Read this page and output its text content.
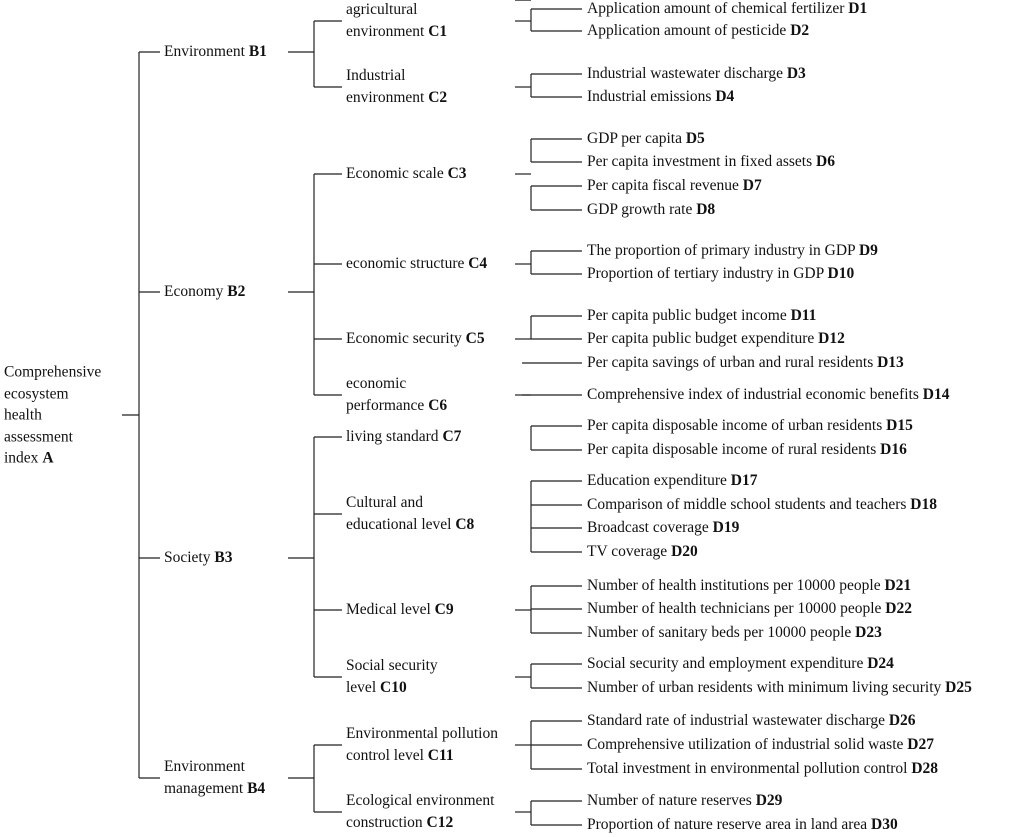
Comprehensive
ecosystem
health
assessment
index A

Environment B1

Economy B2

Society B3

Environment
management B4

agricultural
environment C1

Industrial
environment C2

Economic scale C3

economic structure C4

Economic security C5

economic
performance C6

living standard C7

Cultural and
educational level C8

Medical level C9

Social security
level C10

Environmental pollution
control level C11

Ecological environment
construction C12

Application amount of chemical fertilizer D1

Application amount of pesticide D2

Industrial wastewater discharge D3

Industrial emissions D4

GDP per capita D5

Per capita investment in fixed assets D6

Per capita fiscal revenue D7

GDP growth rate D8

The proportion of primary industry in GDP D9

Proportion of tertiary industry in GDP D10

Per capita public budget income D11

Per capita public budget expenditure D12

Per capita savings of urban and rural residents D13

Comprehensive index of industrial economic benefits D14

Per capita disposable income of urban residents D15

Per capita disposable income of rural residents D16

Education expenditure D17

Comparison of middle school students and teachers D18

Broadcast coverage D19

TV coverage D20

Number of health institutions per 10000 people D21

Number of health technicians per 10000 people D22

Number of sanitary beds per 10000 people D23

Social security and employment expenditure D24

Number of urban residents with minimum living security D25

Standard rate of industrial wastewater discharge D26

Comprehensive utilization of industrial solid waste D27

Total investment in environmental pollution control D28

Number of nature reserves D29

Proportion of nature reserve area in land area D30
